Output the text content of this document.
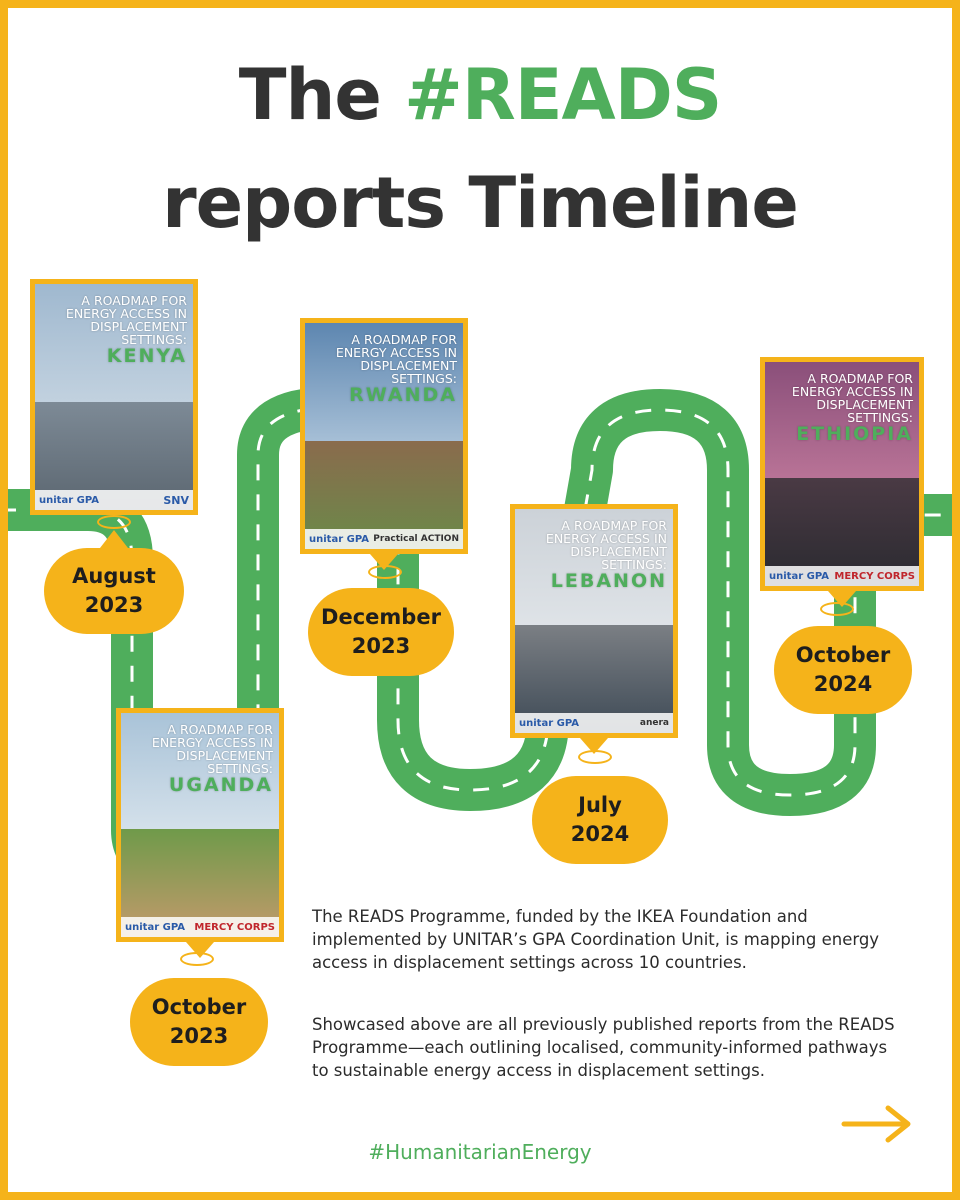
The #READS
reports Timeline
A ROADMAP FOR ENERGY ACCESS IN DISPLACEMENT SETTINGS:
KENYA
unitar GPA	SNV
August
2023
A ROADMAP FOR ENERGY ACCESS IN DISPLACEMENT SETTINGS:
UGANDA
unitar GPA MERCY CORPS
October
2023
A ROADMAP FOR ENERGY ACCESS IN DISPLACEMENT SETTINGS:
RWANDA
unitar GPA Practical ACTION
December
2023
A ROADMAP FOR ENERGY ACCESS IN DISPLACEMENT SETTINGS:
LEBANON
unitar GPA	anera
July
2024
A ROADMAP FOR ENERGY ACCESS IN DISPLACEMENT SETTINGS:
ETHIOPIA
unitar GPA MERCY CORPS
October
2024

The READS Programme, funded by the IKEA Foundation and implemented by UNITAR’s GPA Coordination Unit, is mapping energy access in displacement settings across 10 countries.

Showcased above are all previously published reports from the READS Programme—each outlining localised, community-informed pathways to sustainable energy access in displacement settings.

#HumanitarianEnergy
